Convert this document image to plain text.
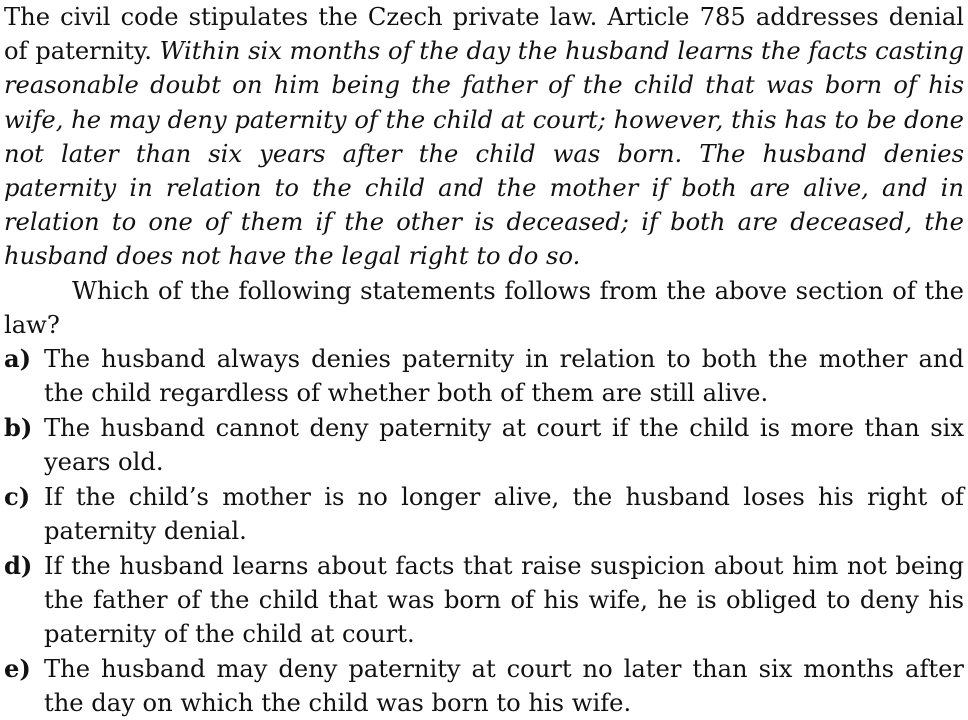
The civil code stipulates the Czech private law. Article 785 addresses denial of paternity. Within six months of the day the husband learns the facts casting reasonable doubt on him being the father of the child that was born of his wife, he may deny paternity of the child at court; however, this has to be done not later than six years after the child was born. The husband denies paternity in relation to the child and the mother if both are alive, and in relation to one of them if the other is deceased; if both are deceased, the husband does not have the legal right to do so.

Which of the following statements follows from the above section of the law?

a) The husband always denies paternity in relation to both the mother and the child regardless of whether both of them are still alive.
b) The husband cannot deny paternity at court if the child is more than six years old.
c) If the child’s mother is no longer alive, the husband loses his right of paternity denial.
d) If the husband learns about facts that raise suspicion about him not being the father of the child that was born of his wife, he is obliged to deny his paternity of the child at court.
e) The husband may deny paternity at court no later than six months after the day on which the child was born to his wife.
